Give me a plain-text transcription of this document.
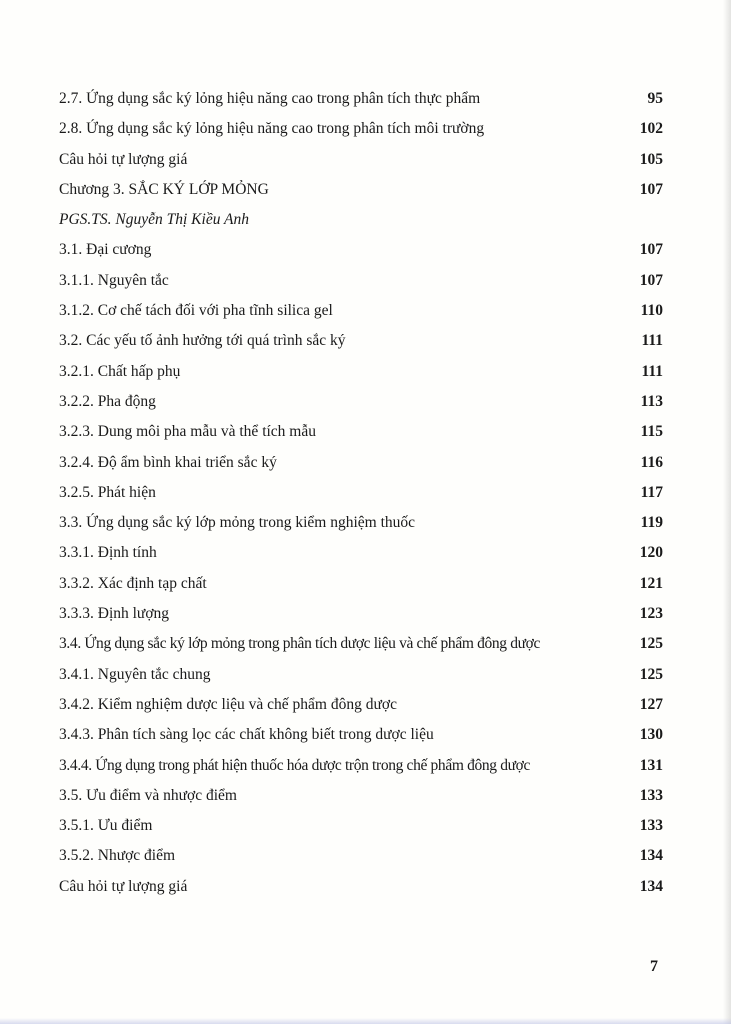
2.7. Ứng dụng sắc ký lỏng hiệu năng cao trong phân tích thực phẩm	95
2.8. Ứng dụng sắc ký lỏng hiệu năng cao trong phân tích môi trường	102
Câu hỏi tự lượng giá	105
Chương 3. SẮC KÝ LỚP MỎNG	107
PGS.TS. Nguyễn Thị Kiều Anh
3.1. Đại cương	107
3.1.1. Nguyên tắc	107
3.1.2. Cơ chế tách đối với pha tĩnh silica gel	110
3.2. Các yếu tố ảnh hưởng tới quá trình sắc ký	111
3.2.1. Chất hấp phụ	111
3.2.2. Pha động	113
3.2.3. Dung môi pha mẫu và thể tích mẫu	115
3.2.4. Độ ẩm bình khai triển sắc ký	116
3.2.5. Phát hiện	117
3.3. Ứng dụng sắc ký lớp mỏng trong kiểm nghiệm thuốc	119
3.3.1. Định tính	120
3.3.2. Xác định tạp chất	121
3.3.3. Định lượng	123
3.4. Ứng dụng sắc ký lớp mỏng trong phân tích dược liệu và chế phẩm đông dược	125
3.4.1. Nguyên tắc chung	125
3.4.2. Kiểm nghiệm dược liệu và chế phẩm đông dược	127
3.4.3. Phân tích sàng lọc các chất không biết trong dược liệu	130
3.4.4. Ứng dụng trong phát hiện thuốc hóa dược trộn trong chế phẩm đông dược	131
3.5. Ưu điểm và nhược điểm	133
3.5.1. Ưu điểm	133
3.5.2. Nhược điểm	134
Câu hỏi tự lượng giá	134
7
